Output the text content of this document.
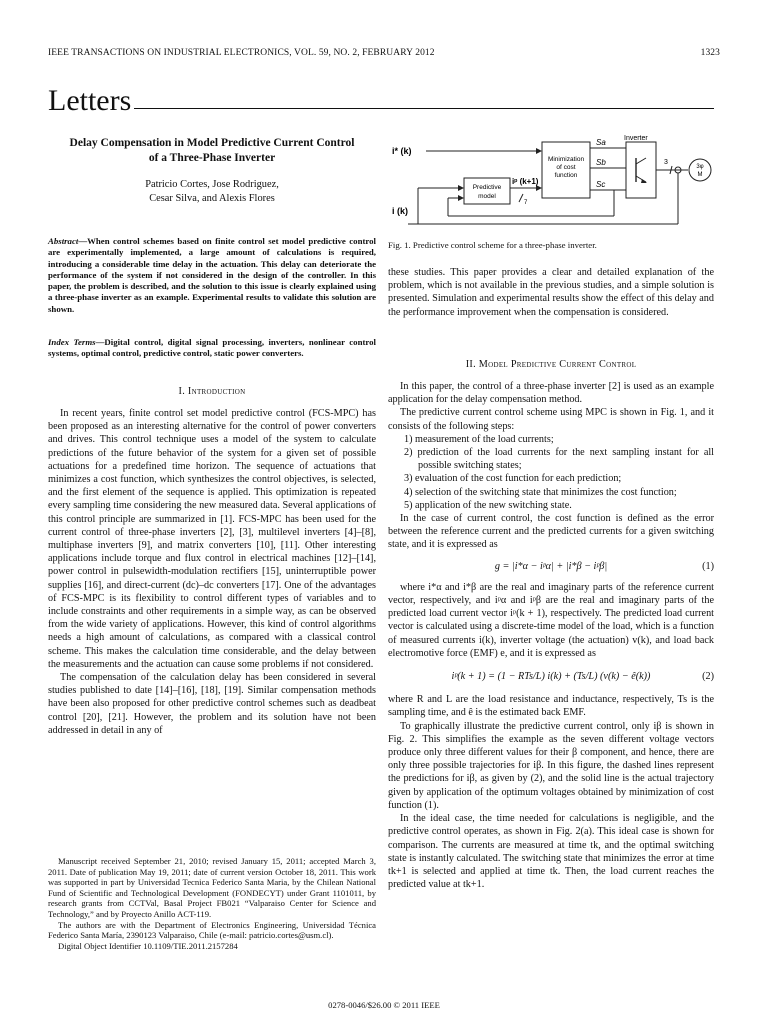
IEEE TRANSACTIONS ON INDUSTRIAL ELECTRONICS, VOL. 59, NO. 2, FEBRUARY 2012	1323
Letters
Delay Compensation in Model Predictive Current Control
of a Three-Phase Inverter
Patricio Cortes, Jose Rodriguez,
Cesar Silva, and Alexis Flores
Abstract—When control schemes based on finite control set model predictive control are experimentally implemented, a large amount of calculations is required, introducing a considerable time delay in the actuation. This delay can deteriorate the performance of the system if not considered in the design of the controller. In this paper, the problem is described, and the solution to this issue is clearly explained using a three-phase inverter as an example. Experimental results to validate this solution are shown.
Index Terms—Digital control, digital signal processing, inverters, nonlinear control systems, optimal control, predictive control, static power converters.
I. Introduction

In recent years, finite control set model predictive control (FCS-MPC) has been proposed as an interesting alternative for the control of power converters and drives. This control technique uses a model of the system to calculate predictions of the future behavior of the system for a given set of possible actuations for a predefined time horizon. The sequence of actuations that minimizes a cost function, which synthesizes the control objectives, is selected, and the first element of the sequence is applied. This optimization is repeated every sampling time considering the new measured data. Several applications of this control principle are summarized in [1]. FCS-MPC has been used for the current control of three-phase inverters [2], [3], multilevel inverters [4]–[8], multiphase inverters [9], and matrix converters [10], [11]. Other interesting applications include torque and flux control in electrical machines [12]–[14], power control in pulsewidth-modulation rectifiers [15], uninterruptible power supplies [16], and direct-current (dc)–dc converters [17]. One of the advantages of FCS-MPC is its flexibility to control different types of variables and to include constraints and other requirements in a simple way, as can be observed from the wide variety of applications. However, this kind of control algorithms needs a high amount of calculations, as compared with a classical control scheme. This makes the calculation time considerable, and the delay between the measurements and the actuation can cause some problems if not considered.

The compensation of the calculation delay has been considered in several studies published to date [14]–[16], [18], [19]. Similar compensation methods have been also proposed for other predictive control schemes such as deadbeat control [20], [21]. However, the problem and its solution have not been addressed in detail in any of

Manuscript received September 21, 2010; revised January 15, 2011; accepted March 3, 2011. Date of publication May 19, 2011; date of current version October 18, 2011. This work was supported in part by Universidad Tecnica Federico Santa Maria, by the Chilean National Fund of Scientific and Technological Development (FONDECYT) under Grant 1101011, by research grants from CCTVal, Basal Project FB021 “Valparaiso Center for Science and Technology,” and by Proyecto Anillo ACT-119.

The authors are with the Department of Electronics Engineering, Universidad Técnica Federico Santa María, 2390123 Valparaiso, Chile (e-mail: patricio.cortes@usm.cl).

Digital Object Identifier 10.1109/TIE.2011.2157284

i* (k)
Minimization
of cost
function
Sa
Sb
Sc
Inverter
3
3φ
M
i (k)
Predictive
model
iᵖ (k+1)
7
Fig. 1. Predictive control scheme for a three-phase inverter.

these studies. This paper provides a clear and detailed explanation of the problem, which is not available in the previous studies, and a simple solution is presented. Simulation and experimental results show the effect of this delay and the performance improvement when the compensation is considered.

II. Model Predictive Current Control

In this paper, the control of a three-phase inverter [2] is used as an example application for the delay compensation method.

The predictive current control scheme using MPC is shown in Fig. 1, and it consists of the following steps:

1) measurement of the load currents;
2) prediction of the load currents for the next sampling instant for all possible switching states;
3) evaluation of the cost function for each prediction;
4) selection of the switching state that minimizes the cost function;
5) application of the new switching state.

In the case of current control, the cost function is defined as the error between the reference current and the predicted currents for a given switching state, and it is expressed as

g = |i*α − iᵖα| + |i*β − iᵖβ|	(1)

where i*α and i*β are the real and imaginary parts of the reference current vector, respectively, and iᵖα and iᵖβ are the real and imaginary parts of the predicted load current vector iᵖ(k + 1), respectively. The predicted load current vector is calculated using a discrete-time model of the load, which is a function of measured currents i(k), inverter voltage (the actuation) v(k), and load back electromotive force (EMF) e, and it is expressed as

iᵖ(k + 1) = (1 − RTs/L) i(k) + (Ts/L) (v(k) − ê(k))	(2)

where R and L are the load resistance and inductance, respectively, Ts is the sampling time, and ê is the estimated back EMF.

To graphically illustrate the predictive current control, only iβ is shown in Fig. 2. This simplifies the example as the seven different voltage vectors produce only three different values for their β component, and hence, there are only three possible trajectories for iβ. In this figure, the dashed lines represent the predictions for iβ, as given by (2), and the solid line is the actual trajectory given by application of the optimum voltages obtained by minimization of cost function (1).

In the ideal case, the time needed for calculations is negligible, and the predictive control operates, as shown in Fig. 2(a). This ideal case is shown for comparison. The currents are measured at time tk, and the optimal switching state is instantly calculated. The switching state that minimizes the error at time tk+1 is selected and applied at time tk. Then, the load current reaches the predicted value at tk+1.

0278-0046/$26.00 © 2011 IEEE
